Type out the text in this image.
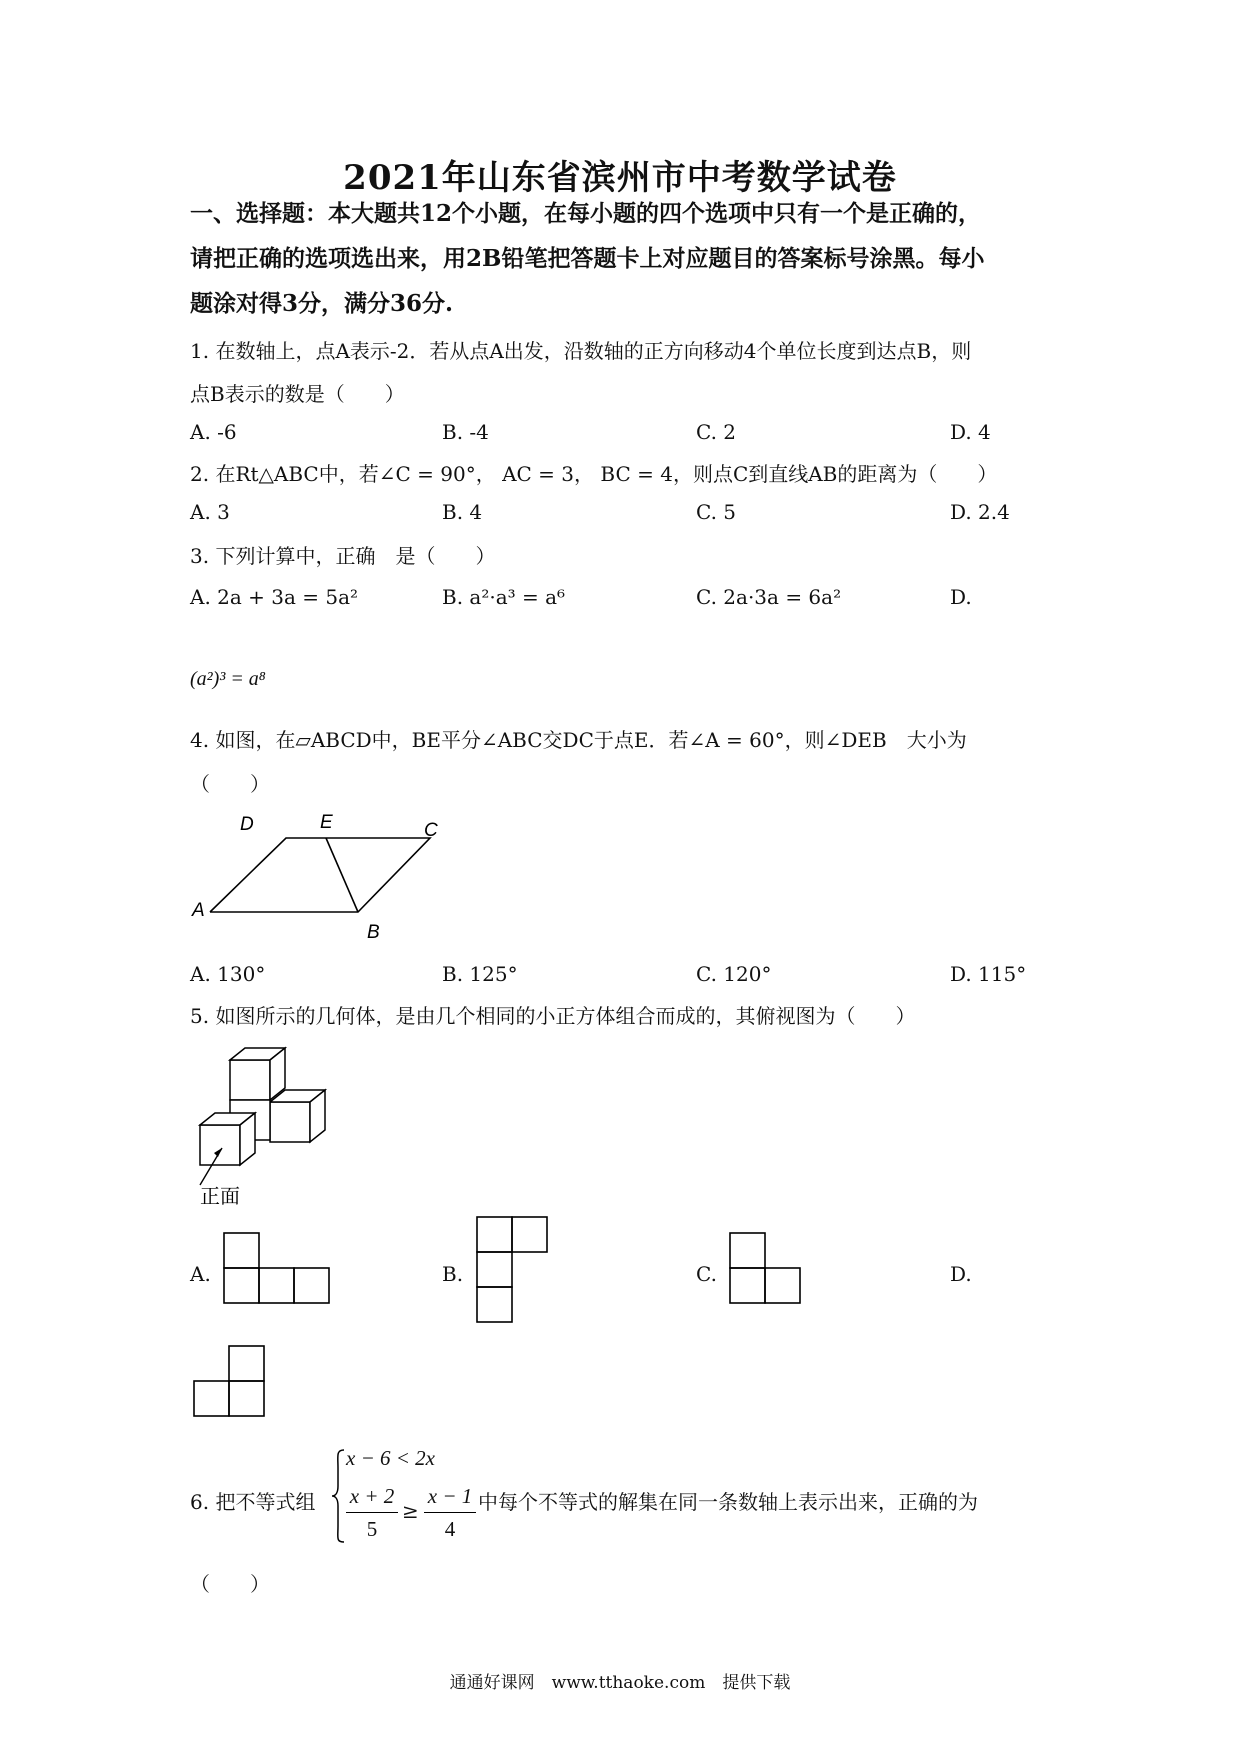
2021年山东省滨州市中考数学试卷
一、选择题：本大题共12个小题，在每小题的四个选项中只有一个是正确的，
请把正确的选项选出来，用2B铅笔把答题卡上对应题目的答案标号涂黑。每小
题涂对得3分，满分36分.
1. 在数轴上，点A表示-2．若从点A出发，沿数轴的正方向移动4个单位长度到达点B，则
点B表示的数是（　　）
A. -6	B. -4	C. 2	D. 4
2. 在Rt△ABC中，若∠C = 90°， AC = 3， BC = 4，则点C到直线AB的距离为（　　）
A. 3	B. 4	C. 5	D. 2.4
3. 下列计算中，正确　是（　　）
A. 2a + 3a = 5a²	B. a²·a³ = a⁶	C. 2a·3a = 6a²	D.
(a²)³ = a⁸
4. 如图，在▱ABCD中，BE平分∠ABC交DC于点E．若∠A = 60°，则∠DEB　大小为
（　　）
D	E	C
A
B
A. 130°	B. 125°	C. 120°	D. 115°
5. 如图所示的几何体，是由几个相同的小正方体组合而成的，其俯视图为（　　）
正面
A.	B.	C.	D.
6. 把不等式组
x − 6 < 2x
x + 2
5
≥
x − 1
4
中每个不等式的解集在同一条数轴上表示出来，正确的为
（　　）
通通好课网　www.tthaoke.com　提供下载
